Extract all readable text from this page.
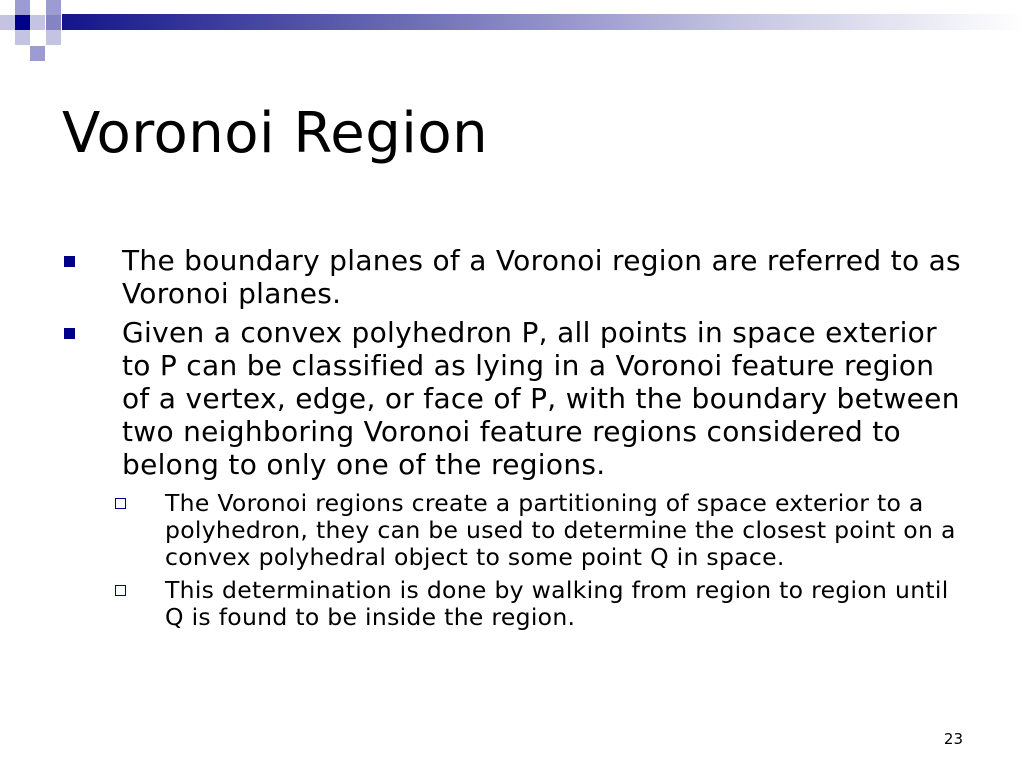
Voronoi Region
The boundary planes of a Voronoi region are referred to as Voronoi planes.
Given a convex polyhedron P, all points in space exterior to P can be classified as lying in a Voronoi feature region of a vertex, edge, or face of P, with the boundary between two neighboring Voronoi feature regions considered to belong to only one of the regions.
The Voronoi regions create a partitioning of space exterior to a polyhedron, they can be used to determine the closest point on a convex polyhedral object to some point Q in space.
This determination is done by walking from region to region until Q is found to be inside the region.
23
